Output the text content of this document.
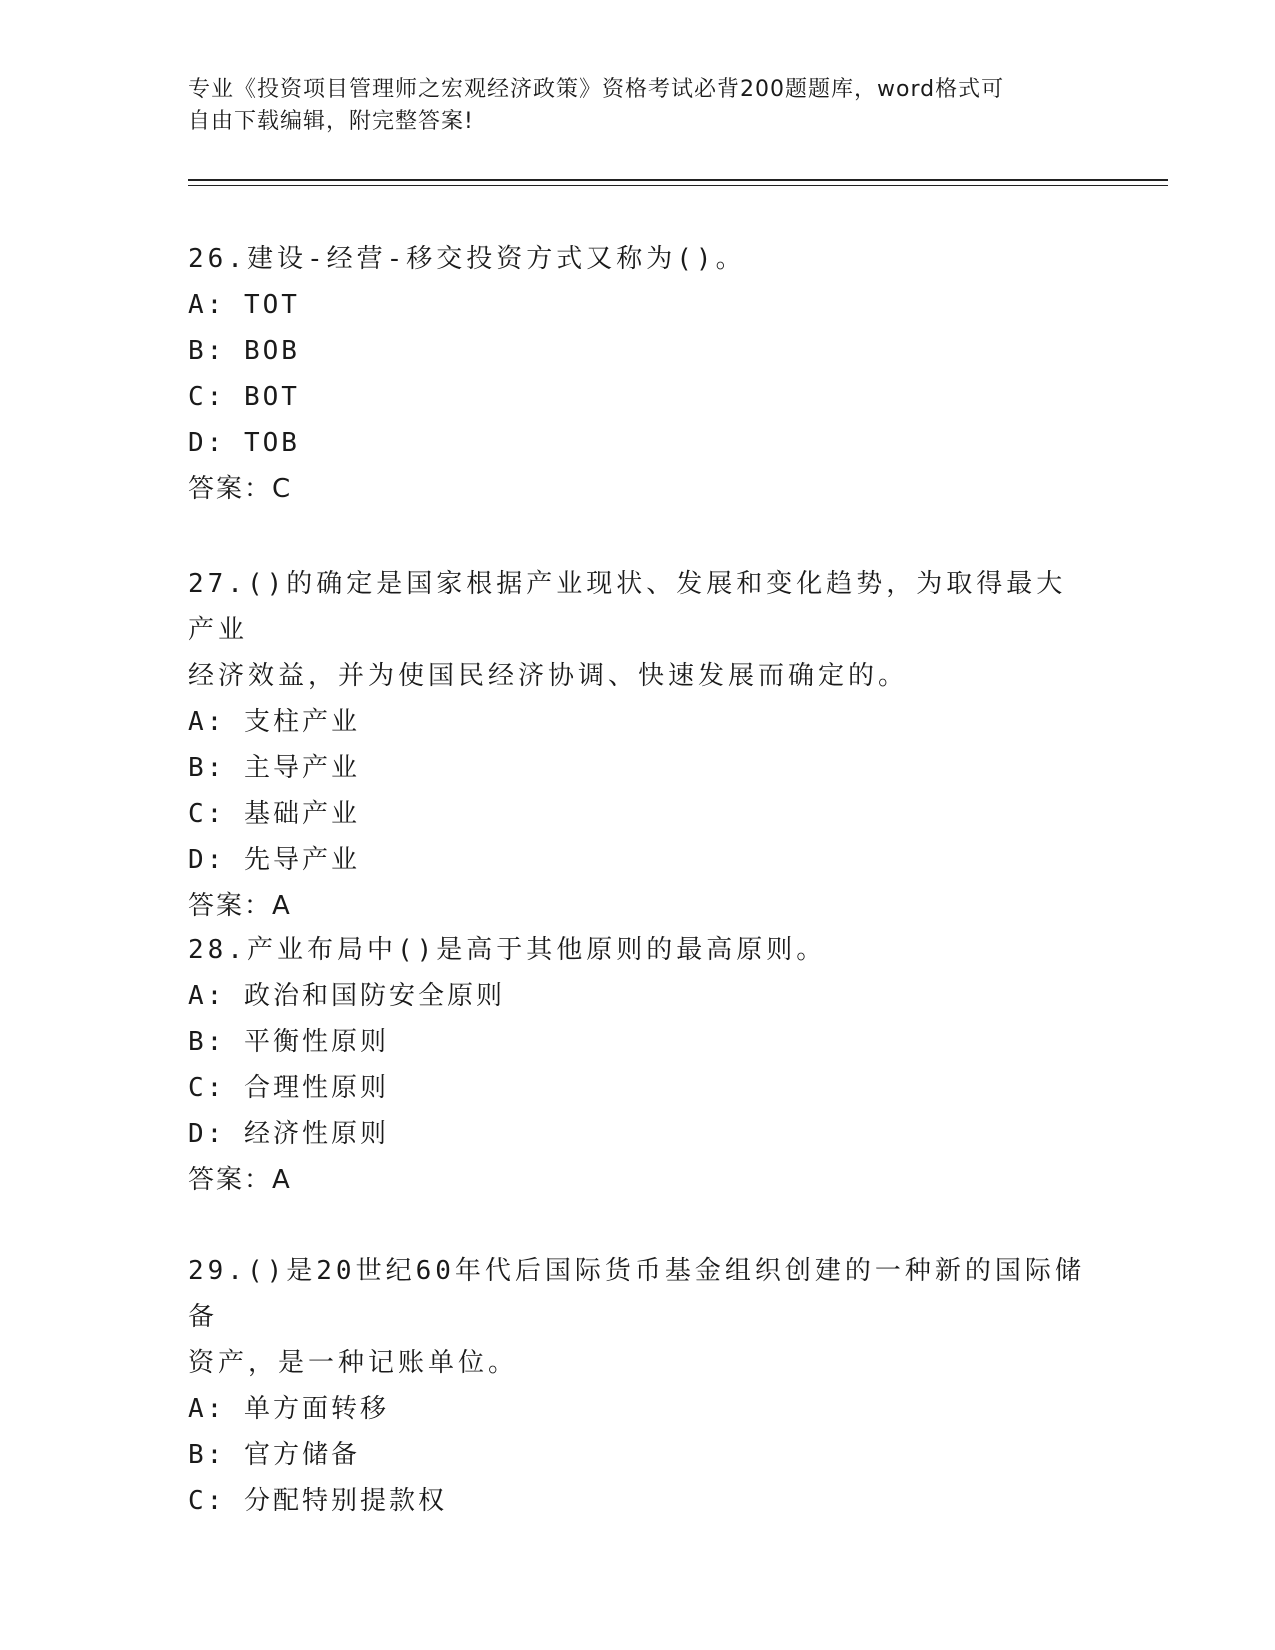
专业《投资项目管理师之宏观经济政策》资格考试必背200题题库，word格式可
自由下载编辑，附完整答案!

26.建设-经营-移交投资方式又称为()。

A: TOT

B: BOB

C: BOT

D: TOB

答案：C

27.()的确定是国家根据产业现状、发展和变化趋势，为取得最大产业

经济效益，并为使国民经济协调、快速发展而确定的。

A: 支柱产业

B: 主导产业

C: 基础产业

D: 先导产业

答案：A

28.产业布局中()是高于其他原则的最高原则。

A: 政治和国防安全原则

B: 平衡性原则

C: 合理性原则

D: 经济性原则

答案：A

29.()是20世纪60年代后国际货币基金组织创建的一种新的国际储备

资产，是一种记账单位。

A: 单方面转移

B: 官方储备

C: 分配特别提款权
